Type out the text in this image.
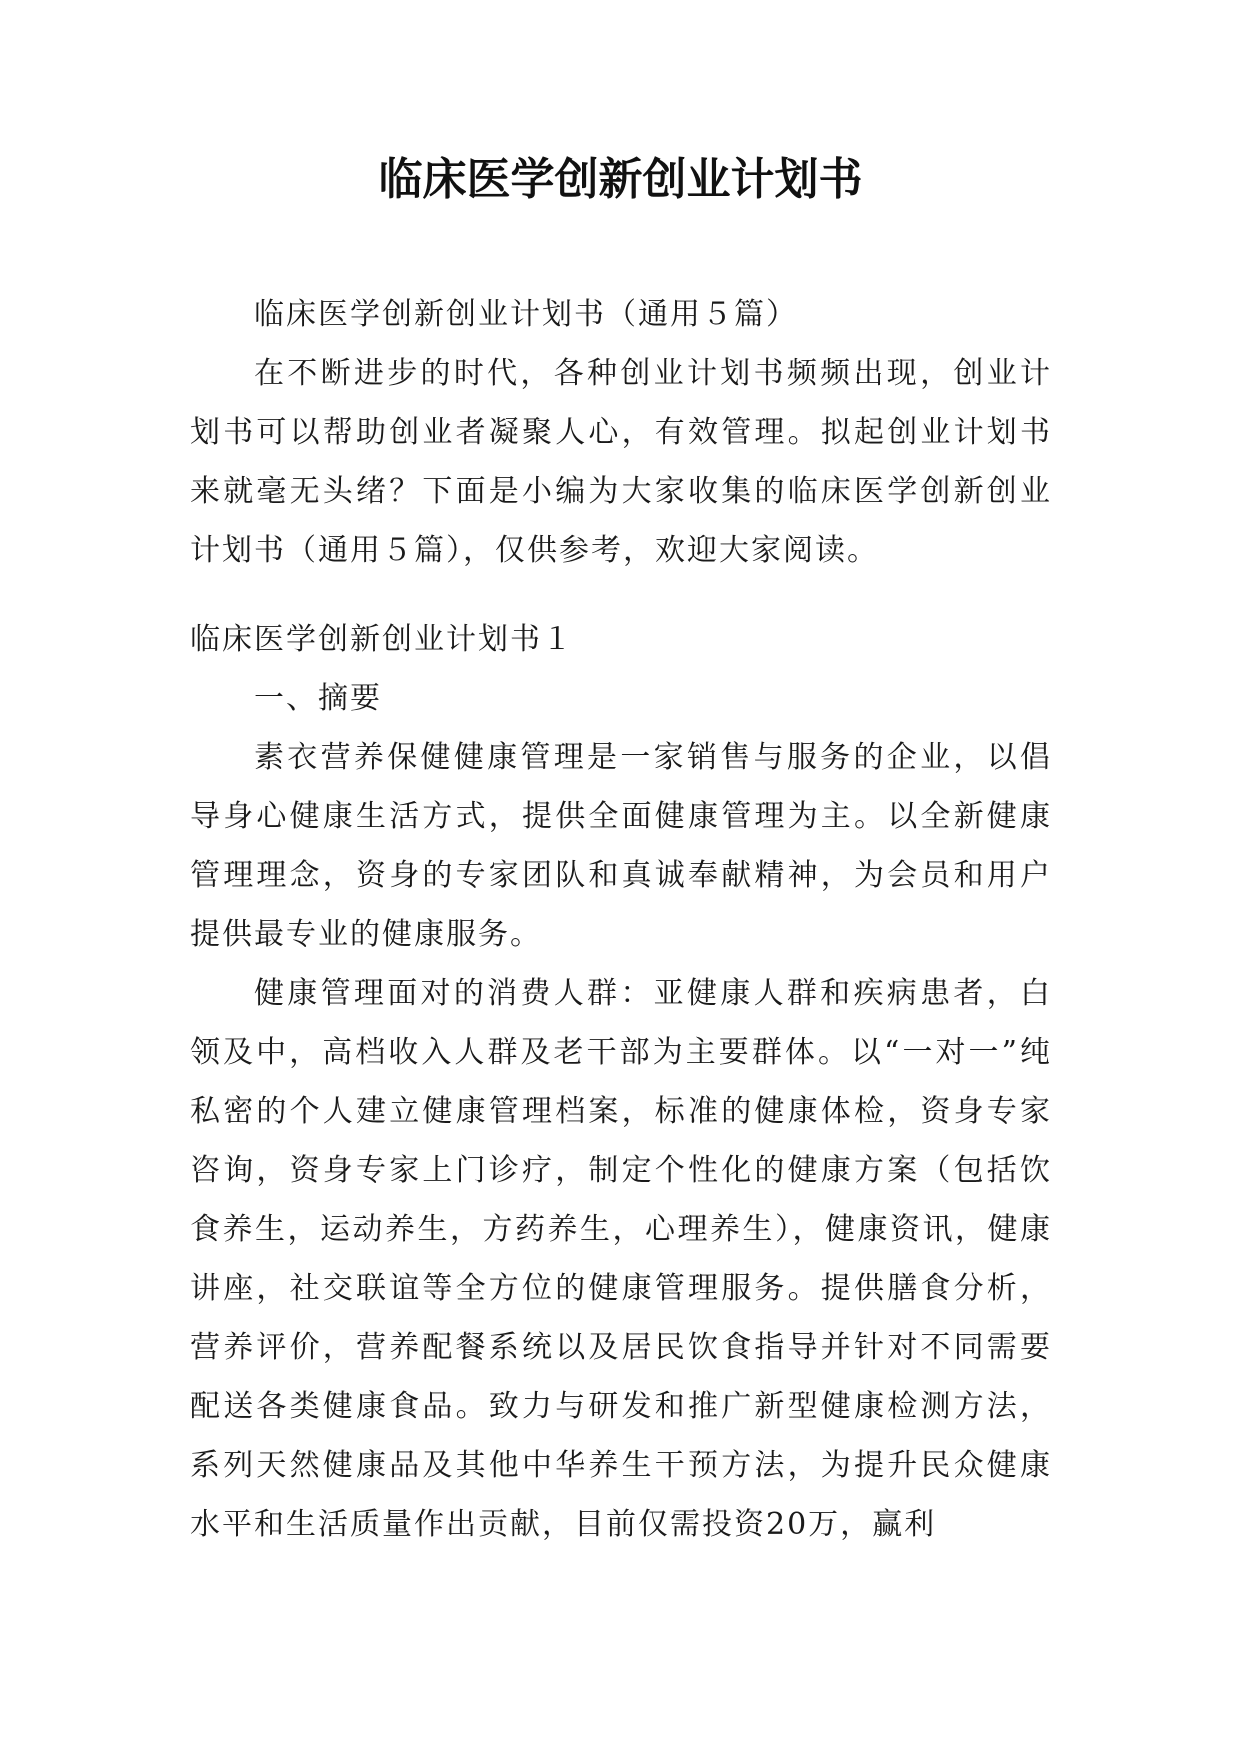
临床医学创新创业计划书

临床医学创新创业计划书（通用５篇）

在不断进步的时代，各种创业计划书频频出现，创业计划书可以帮助创业者凝聚人心，有效管理。拟起创业计划书来就毫无头绪？下面是小编为大家收集的临床医学创新创业计划书（通用５篇），仅供参考，欢迎大家阅读。

临床医学创新创业计划书１

一、摘要

素衣营养保健健康管理是一家销售与服务的企业，以倡导身心健康生活方式，提供全面健康管理为主。以全新健康管理理念，资身的专家团队和真诚奉献精神，为会员和用户提供最专业的健康服务。

健康管理面对的消费人群：亚健康人群和疾病患者，白领及中，高档收入人群及老干部为主要群体。以“一对一”纯私密的个人建立健康管理档案，标准的健康体检，资身专家咨询，资身专家上门诊疗，制定个性化的健康方案（包括饮食养生，运动养生，方药养生，心理养生），健康资讯，健康讲座，社交联谊等全方位的健康管理服务。提供膳食分析，营养评价，营养配餐系统以及居民饮食指导并针对不同需要配送各类健康食品。致力与研发和推广新型健康检测方法，系列天然健康品及其他中华养生干预方法，为提升民众健康水平和生活质量作出贡献，目前仅需投资20万，赢利
